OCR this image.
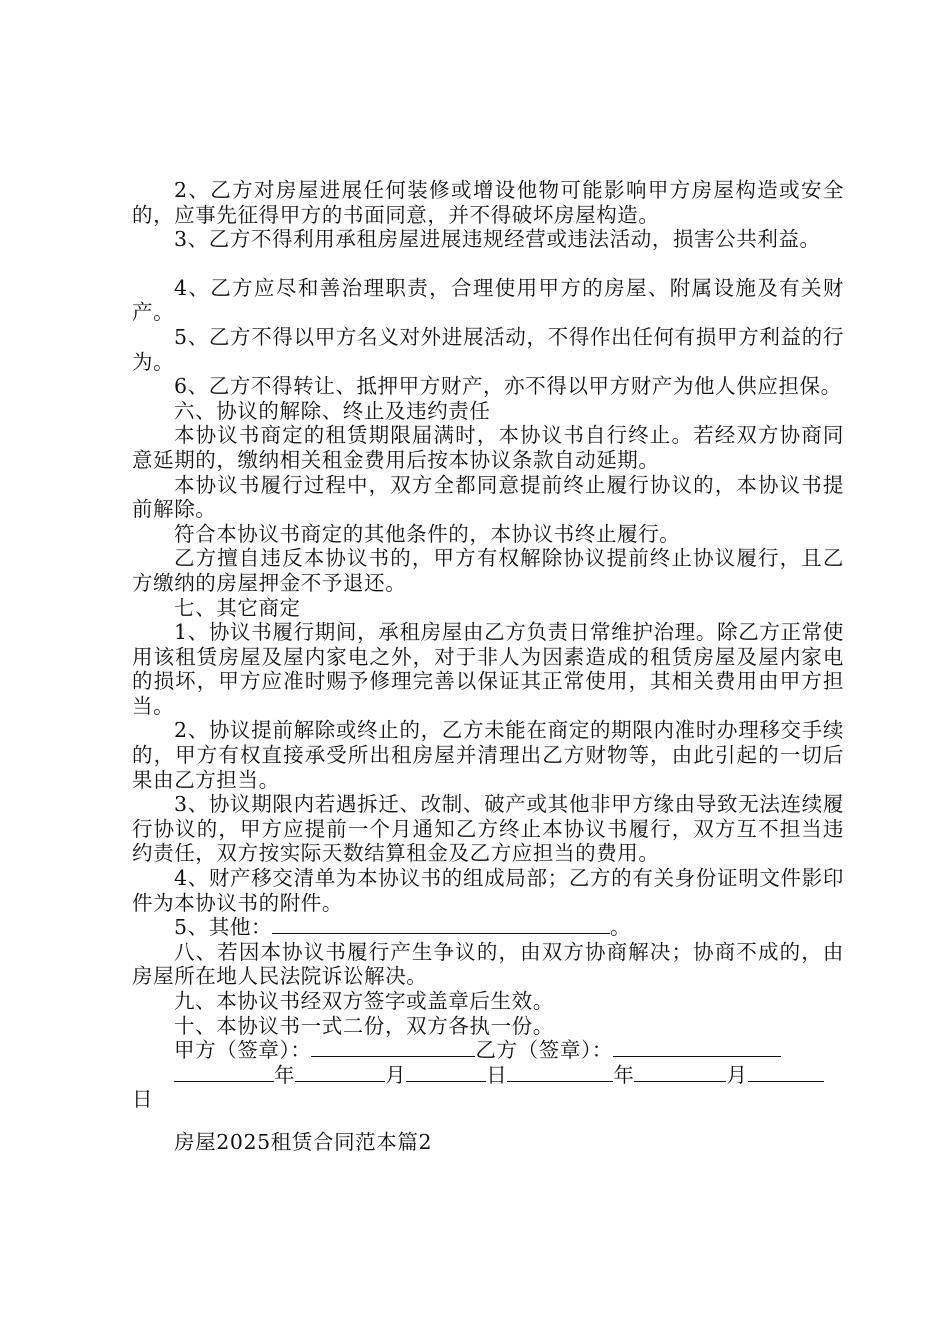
2、乙方对房屋进展任何装修或增设他物可能影响甲方房屋构造或安全的，应事先征得甲方的书面同意，并不得破坏房屋构造。

3、乙方不得利用承租房屋进展违规经营或违法活动，损害公共利益。

4、乙方应尽和善治理职责，合理使用甲方的房屋、附属设施及有关财产。

5、乙方不得以甲方名义对外进展活动，不得作出任何有损甲方利益的行为。

6、乙方不得转让、抵押甲方财产，亦不得以甲方财产为他人供应担保。

六、协议的解除、终止及违约责任

本协议书商定的租赁期限届满时，本协议书自行终止。若经双方协商同意延期的，缴纳相关租金费用后按本协议条款自动延期。

本协议书履行过程中，双方全都同意提前终止履行协议的，本协议书提前解除。

符合本协议书商定的其他条件的，本协议书终止履行。

乙方擅自违反本协议书的，甲方有权解除协议提前终止协议履行，且乙方缴纳的房屋押金不予退还。

七、其它商定

1、协议书履行期间，承租房屋由乙方负责日常维护治理。除乙方正常使用该租赁房屋及屋内家电之外，对于非人为因素造成的租赁房屋及屋内家电的损坏，甲方应准时赐予修理完善以保证其正常使用，其相关费用由甲方担当。

2、协议提前解除或终止的，乙方未能在商定的期限内准时办理移交手续的，甲方有权直接承受所出租房屋并清理出乙方财物等，由此引起的一切后果由乙方担当。

3、协议期限内若遇拆迁、改制、破产或其他非甲方缘由导致无法连续履行协议的，甲方应提前一个月通知乙方终止本协议书履行，双方互不担当违约责任，双方按实际天数结算租金及乙方应担当的费用。

4、财产移交清单为本协议书的组成局部；乙方的有关身份证明文件影印件为本协议书的附件。

5、其他：	。

八、若因本协议书履行产生争议的，由双方协商解决；协商不成的，由房屋所在地人民法院诉讼解决。

九、本协议书经双方签字或盖章后生效。

十、本协议书一式二份，双方各执一份。

甲方（签章）：	乙方（签章）：

年	月	日	年	月

日

房屋2025租赁合同范本篇2
